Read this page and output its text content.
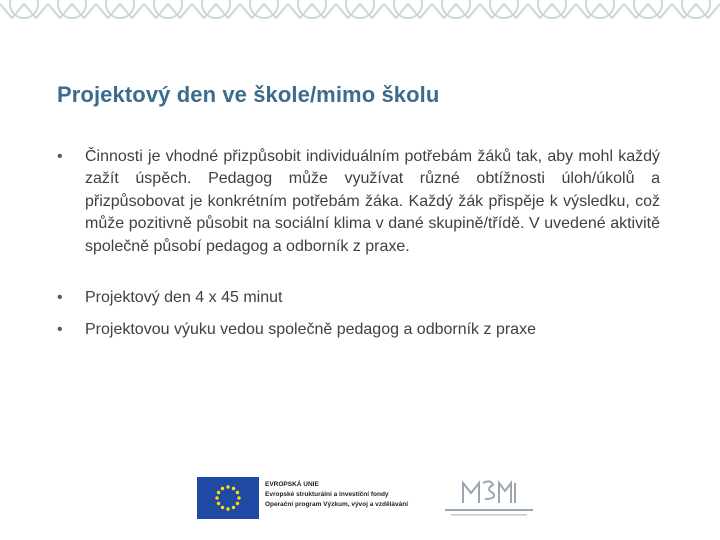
Projektový den ve škole/mimo školu
• Činnosti je vhodné přizpůsobit individuálním potřebám žáků tak, aby mohl každý zažít úspěch. Pedagog může využívat různé obtížnosti úloh/úkolů a přizpůsobovat je konkrétním potřebám žáka. Každý žák přispěje k výsledku, což může pozitivně působit na sociální klima v dané skupině/třídě. V uvedené aktivitě společně působí pedagog a odborník z praxe.
• Projektový den 4 x 45 minut
• Projektovou výuku vedou společně pedagog a odborník z praxe
EVROPSKÁ UNIE
Evropské strukturální a investiční fondy
Operační program Výzkum, vývoj a vzdělávání
